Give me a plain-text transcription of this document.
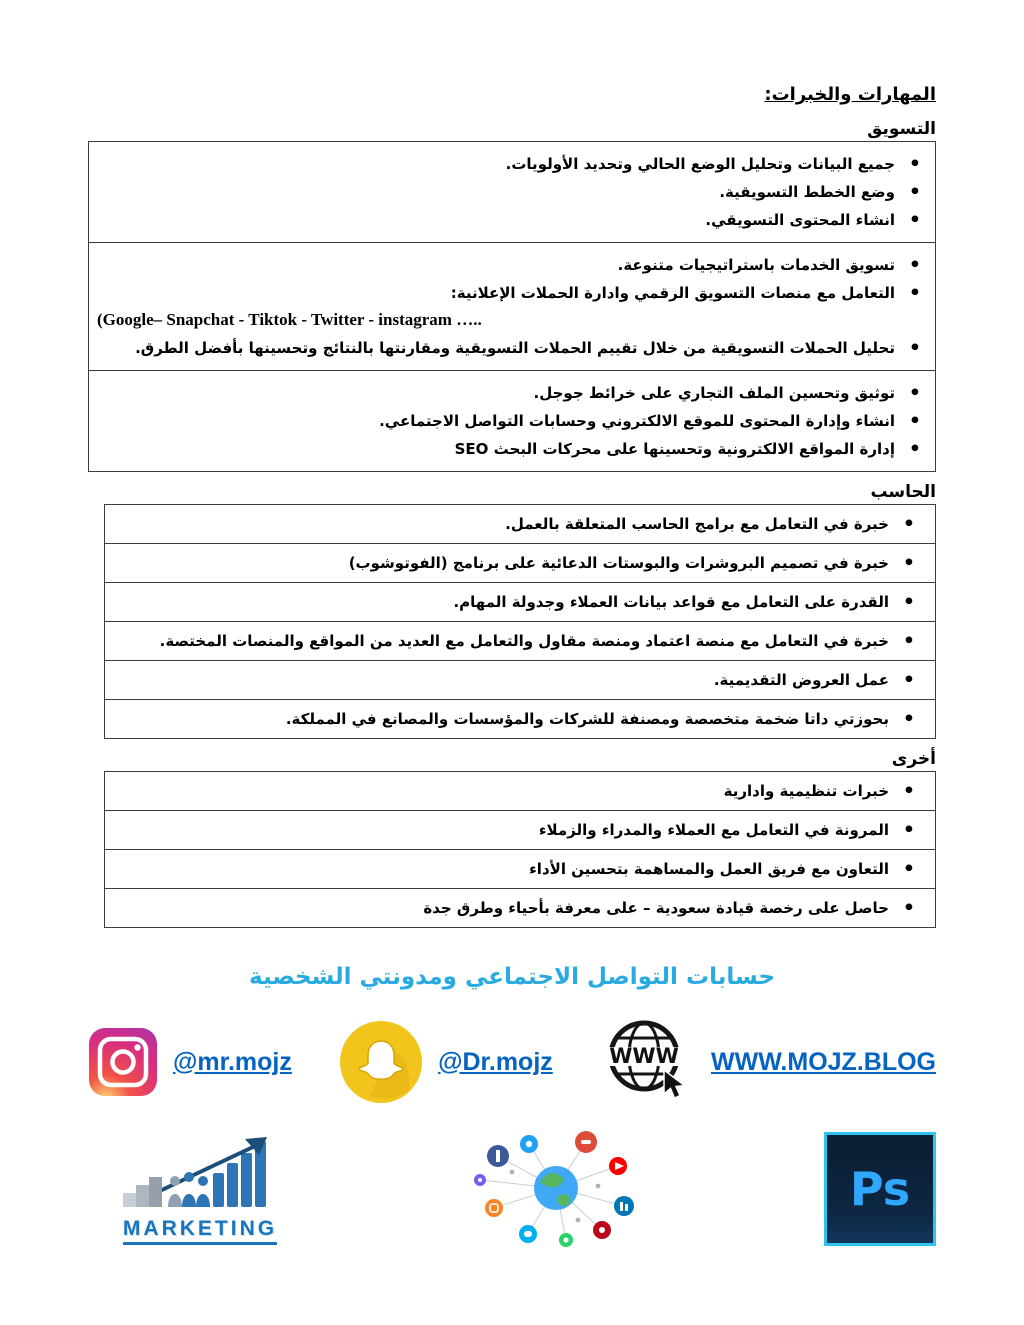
المهارات والخبرات:
التسويق
• جميع البيانات وتحليل الوضع الحالي وتحديد الأولويات.
• وضع الخطط التسويقية.
• انشاء المحتوى التسويقي.
• تسويق الخدمات باستراتيجيات متنوعة.
• التعامل مع منصات التسويق الرقمي وادارة الحملات الإعلانية:
(Google– Snapchat - Tiktok - Twitter - instagram …..
• تحليل الحملات التسويقية من خلال تقييم الحملات التسويقية ومقارنتها بالنتائج وتحسينها بأفضل الطرق.
• توثيق وتحسين الملف التجاري على خرائط جوجل.
• انشاء وإدارة المحتوى للموقع الالكتروني وحسابات التواصل الاجتماعي.
• إدارة المواقع الالكترونية وتحسينها على محركات البحث SEO
الحاسب
• خبرة في التعامل مع برامج الحاسب المتعلقة بالعمل.
• خبرة في تصميم البروشرات والبوستات الدعائية على برنامج (الفوتوشوب)
• القدرة على التعامل مع قواعد بيانات العملاء وجدولة المهام.
• خبرة في التعامل مع منصة اعتماد ومنصة مقاول والتعامل مع العديد من المواقع والمنصات المختصة.
• عمل العروض التقديمية.
• بحوزتي داتا ضخمة متخصصة ومصنفة للشركات والمؤسسات والمصانع في المملكة.
أخرى
• خبرات تنظيمية وادارية
• المرونة في التعامل مع العملاء والمدراء والزملاء
• التعاون مع فريق العمل والمساهمة بتحسين الأداء
• حاصل على رخصة قيادة سعودية – على معرفة بأحياء وطرق جدة
حسابات التواصل الاجتماعي ومدونتي الشخصية
@mr.mojz	@Dr.mojz	WWW WWW.MOJZ.BLOG
MARKETING
Ps
